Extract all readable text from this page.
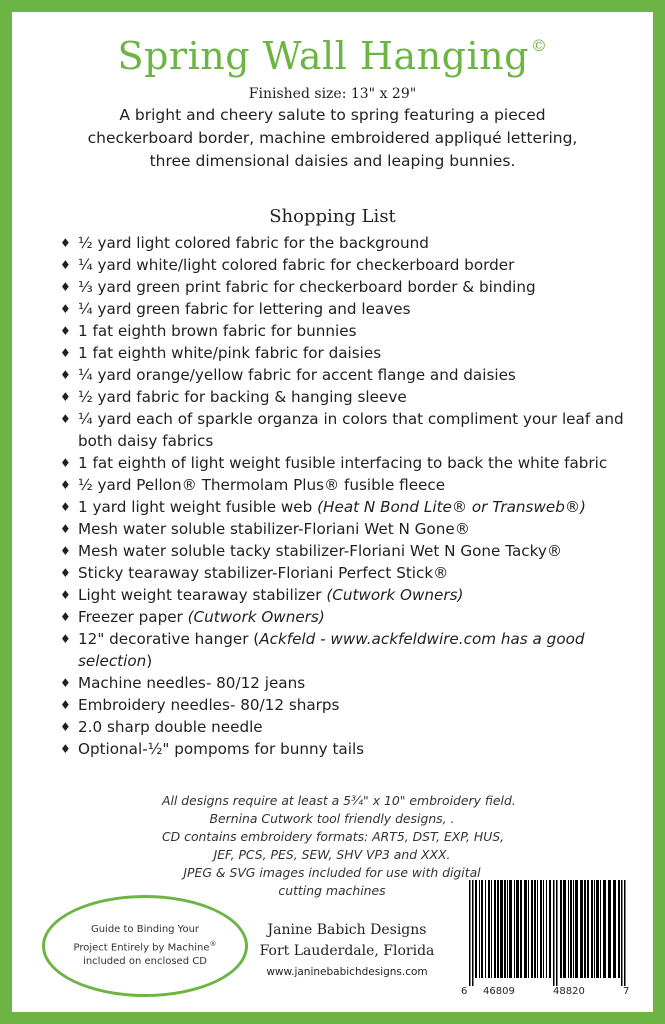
Spring Wall Hanging ©
Finished size: 13" x 29"
A bright and cheery salute to spring featuring a pieced
checkerboard border, machine embroidered appliqué lettering,
three dimensional daisies and leaping bunnies.
Shopping List
♦ ½ yard light colored fabric for the background
♦ ¼ yard white/light colored fabric for checkerboard border
♦ ⅓ yard green print fabric for checkerboard border & binding
♦ ¼ yard green fabric for lettering and leaves
♦ 1 fat eighth brown fabric for bunnies
♦ 1 fat eighth white/pink fabric for daisies
♦ ¼ yard orange/yellow fabric for accent flange and daisies
♦ ½ yard fabric for backing & hanging sleeve
♦ ¼ yard each of sparkle organza in colors that compliment your leaf and both daisy fabrics
♦ 1 fat eighth of light weight fusible interfacing to back the white fabric
♦ ½ yard Pellon® Thermolam Plus® fusible fleece
♦ 1 yard light weight fusible web (Heat N Bond Lite® or Transweb®)
♦ Mesh water soluble stabilizer-Floriani Wet N Gone®
♦ Mesh water soluble tacky stabilizer-Floriani Wet N Gone Tacky®
♦ Sticky tearaway stabilizer-Floriani Perfect Stick®
♦ Light weight tearaway stabilizer (Cutwork Owners)
♦ Freezer paper (Cutwork Owners)
♦ 12" decorative hanger (Ackfeld - www.ackfeldwire.com has a good selection)
♦ Machine needles- 80/12 jeans
♦ Embroidery needles- 80/12 sharps
♦ 2.0 sharp double needle
♦ Optional-½" pompoms for bunny tails
All designs require at least a 5¾" x 10" embroidery field.
Bernina Cutwork tool friendly designs, .
CD contains embroidery formats: ART5, DST, EXP, HUS,
JEF, PCS, PES, SEW, SHV VP3 and XXX.
JPEG & SVG images included for use with digital
cutting machines
Guide to Binding Your
Project Entirely by Machine®
included on enclosed CD
Janine Babich Designs
Fort Lauderdale, Florida
www.janinebabichdesigns.com
6 46809	48820	7
